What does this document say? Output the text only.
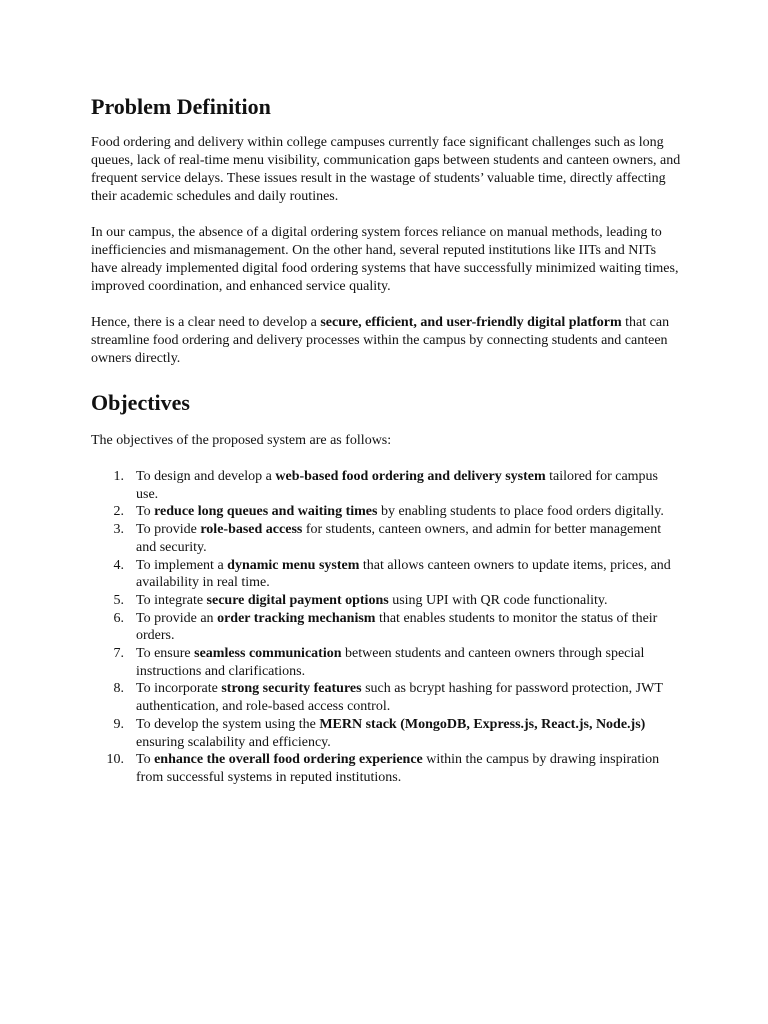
Problem Definition

Food ordering and delivery within college campuses currently face significant challenges such as long queues, lack of real-time menu visibility, communication gaps between students and canteen owners, and frequent service delays. These issues result in the wastage of students’ valuable time, directly affecting their academic schedules and daily routines.

In our campus, the absence of a digital ordering system forces reliance on manual methods, leading to inefficiencies and mismanagement. On the other hand, several reputed institutions like IITs and NITs have already implemented digital food ordering systems that have successfully minimized waiting times, improved coordination, and enhanced service quality.

Hence, there is a clear need to develop a secure, efficient, and user-friendly digital platform that can streamline food ordering and delivery processes within the campus by connecting students and canteen owners directly.

Objectives

The objectives of the proposed system are as follows:

1. To design and develop a web-based food ordering and delivery system tailored for campus use.
2. To reduce long queues and waiting times by enabling students to place food orders digitally.
3. To provide role-based access for students, canteen owners, and admin for better management and security.
4. To implement a dynamic menu system that allows canteen owners to update items, prices, and availability in real time.
5. To integrate secure digital payment options using UPI with QR code functionality.
6. To provide an order tracking mechanism that enables students to monitor the status of their orders.
7. To ensure seamless communication between students and canteen owners through special instructions and clarifications.
8. To incorporate strong security features such as bcrypt hashing for password protection, JWT authentication, and role-based access control.
9. To develop the system using the MERN stack (MongoDB, Express.js, React.js, Node.js) ensuring scalability and efficiency.
10. To enhance the overall food ordering experience within the campus by drawing inspiration from successful systems in reputed institutions.
